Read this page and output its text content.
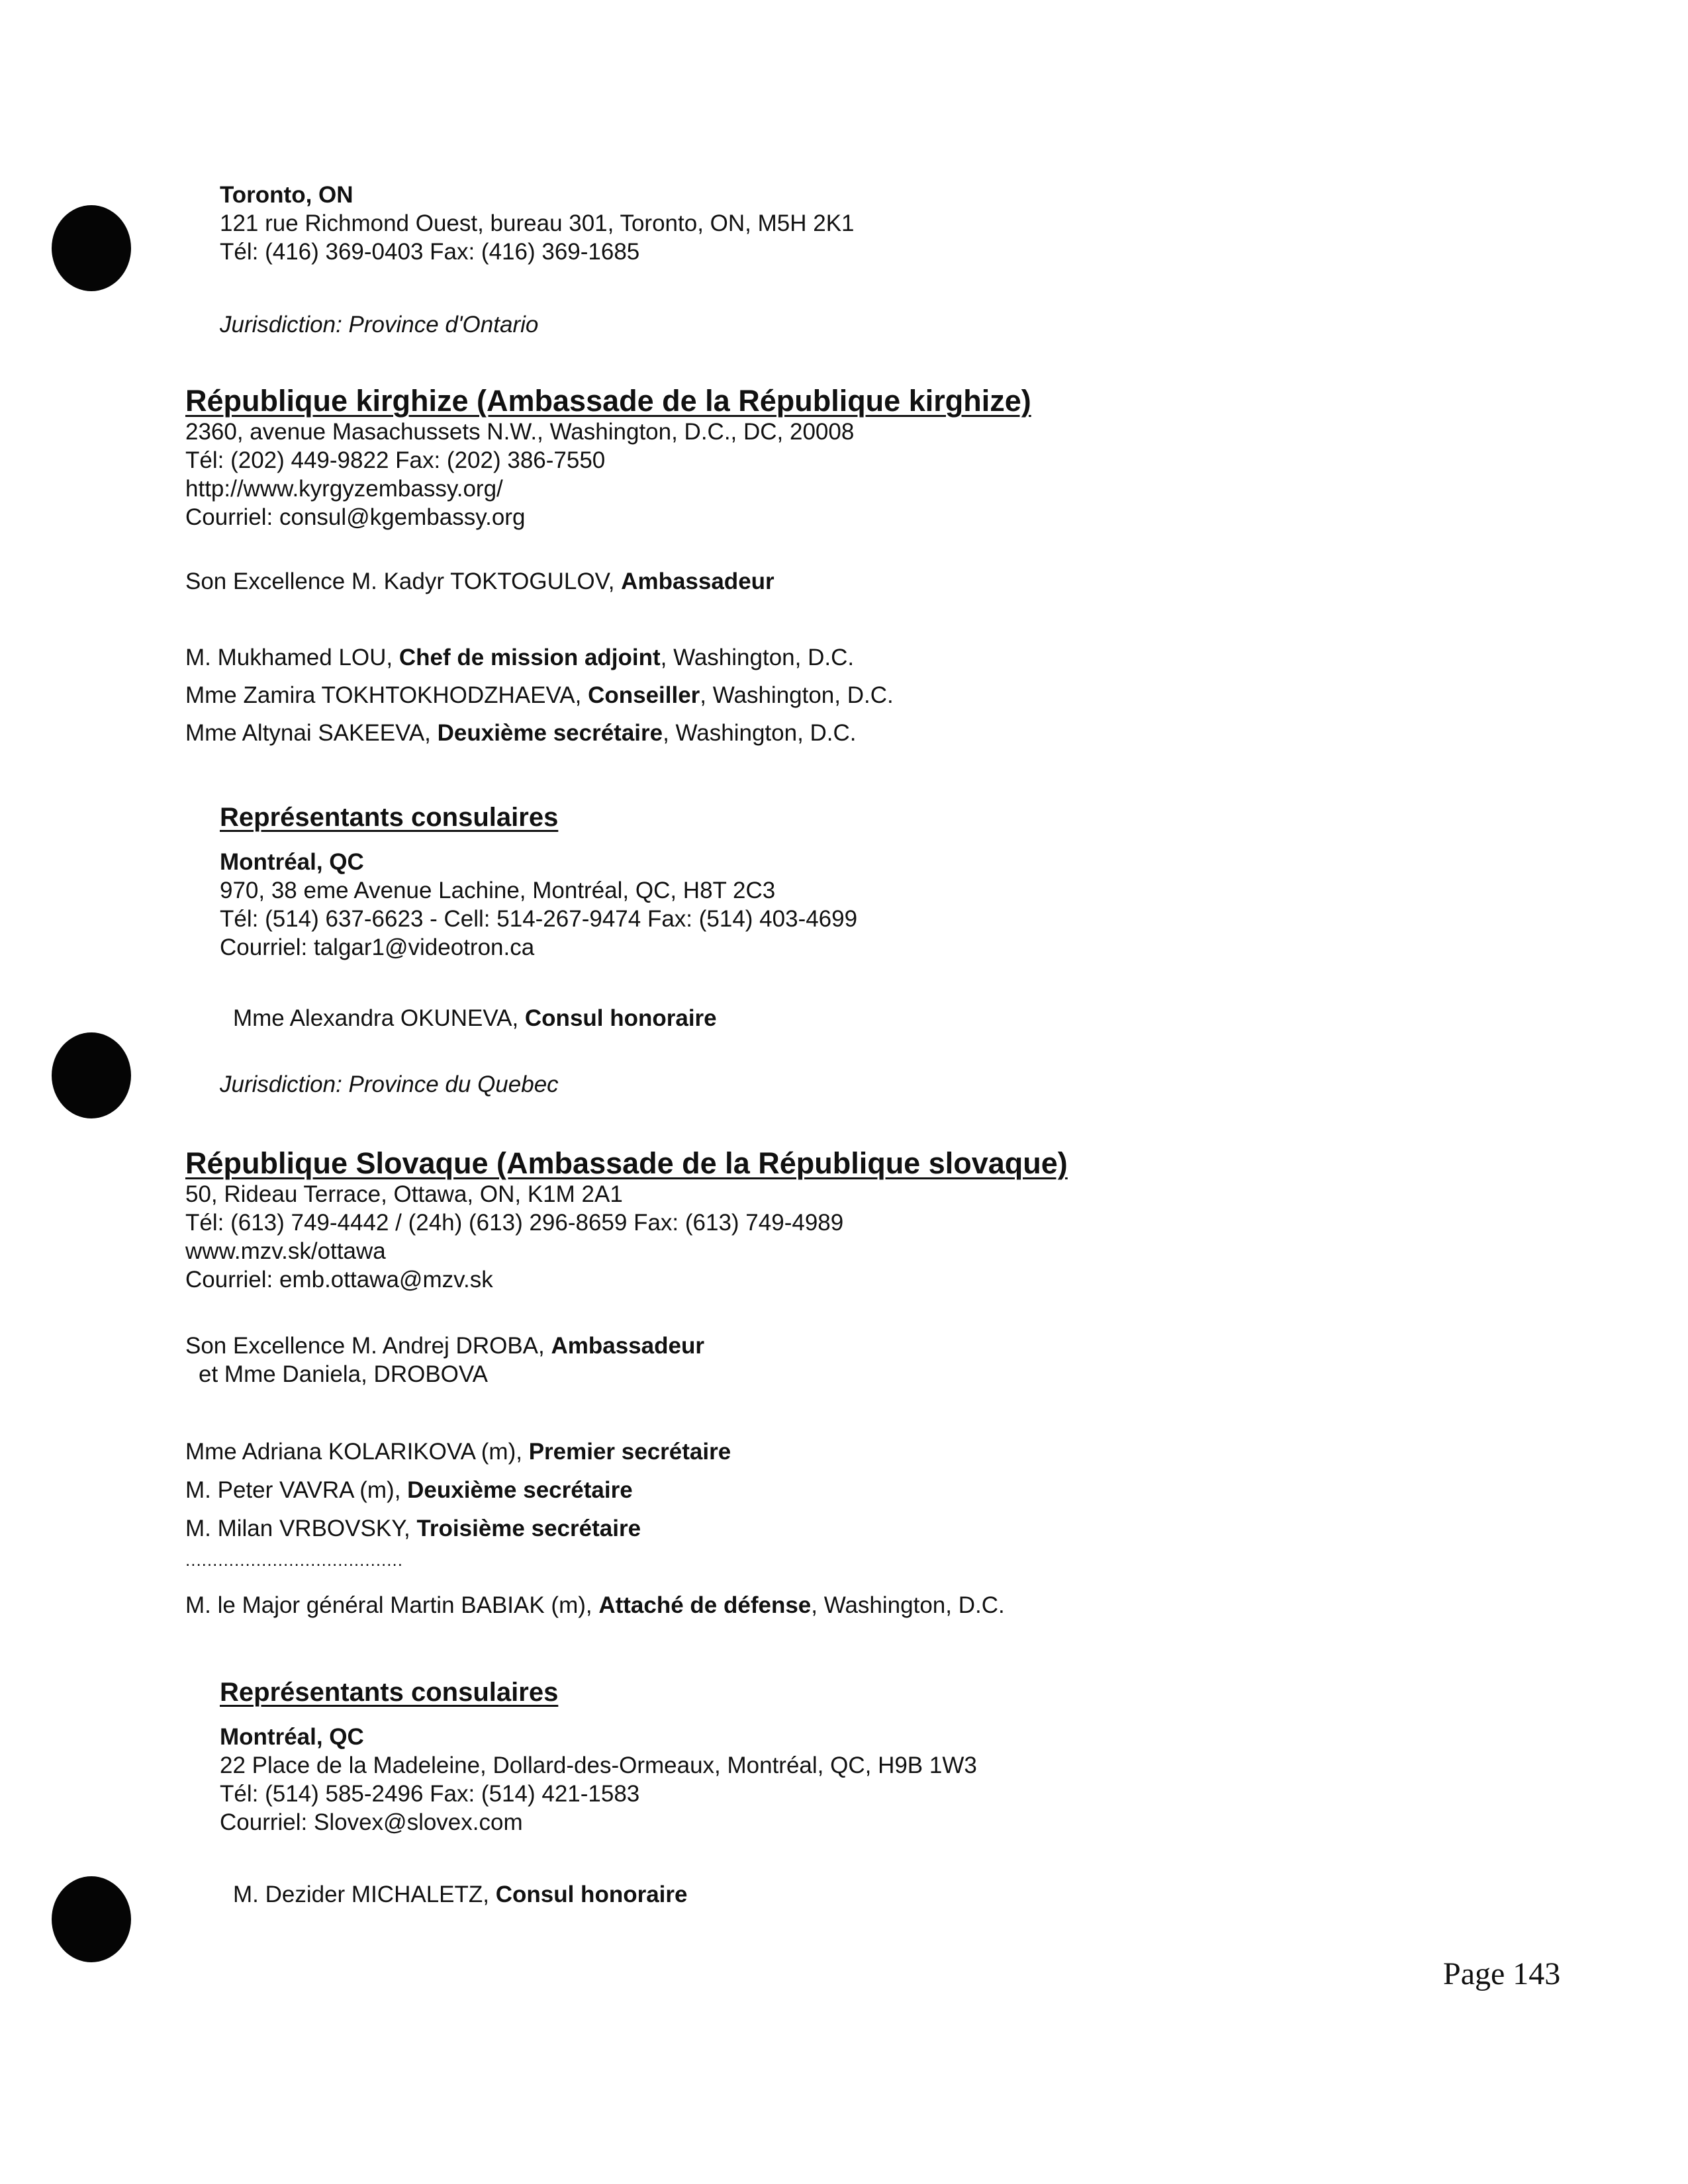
Toronto, ON
121 rue Richmond Ouest, bureau 301, Toronto, ON, M5H 2K1
Tél: (416) 369-0403 Fax: (416) 369-1685
Jurisdiction: Province d'Ontario
République kirghize (Ambassade de la République kirghize)
2360, avenue Masachussets N.W., Washington, D.C., DC, 20008
Tél: (202) 449-9822 Fax: (202) 386-7550
http://www.kyrgyzembassy.org/
Courriel: consul@kgembassy.org
Son Excellence M. Kadyr TOKTOGULOV, Ambassadeur
M. Mukhamed LOU, Chef de mission adjoint, Washington, D.C.
Mme Zamira TOKHTOKHODZHAEVA, Conseiller, Washington, D.C.
Mme Altynai SAKEEVA, Deuxième secrétaire, Washington, D.C.
Représentants consulaires
Montréal, QC
970, 38 eme Avenue Lachine, Montréal, QC, H8T 2C3
Tél: (514) 637-6623 - Cell: 514-267-9474 Fax: (514) 403-4699
Courriel: talgar1@videotron.ca
Mme Alexandra OKUNEVA, Consul honoraire
Jurisdiction: Province du Quebec
République Slovaque (Ambassade de la République slovaque)
50, Rideau Terrace, Ottawa, ON, K1M 2A1
Tél: (613) 749-4442 / (24h) (613) 296-8659 Fax: (613) 749-4989
www.mzv.sk/ottawa
Courriel: emb.ottawa@mzv.sk
Son Excellence M. Andrej DROBA, Ambassadeur
et Mme Daniela, DROBOVA
Mme Adriana KOLARIKOVA (m), Premier secrétaire
M. Peter VAVRA (m), Deuxième secrétaire
M. Milan VRBOVSKY, Troisième secrétaire
........................................
M. le Major général Martin BABIAK (m), Attaché de défense, Washington, D.C.
Représentants consulaires
Montréal, QC
22 Place de la Madeleine, Dollard-des-Ormeaux, Montréal, QC, H9B 1W3
Tél: (514) 585-2496 Fax: (514) 421-1583
Courriel: Slovex@slovex.com
M. Dezider MICHALETZ, Consul honoraire
Page 143
